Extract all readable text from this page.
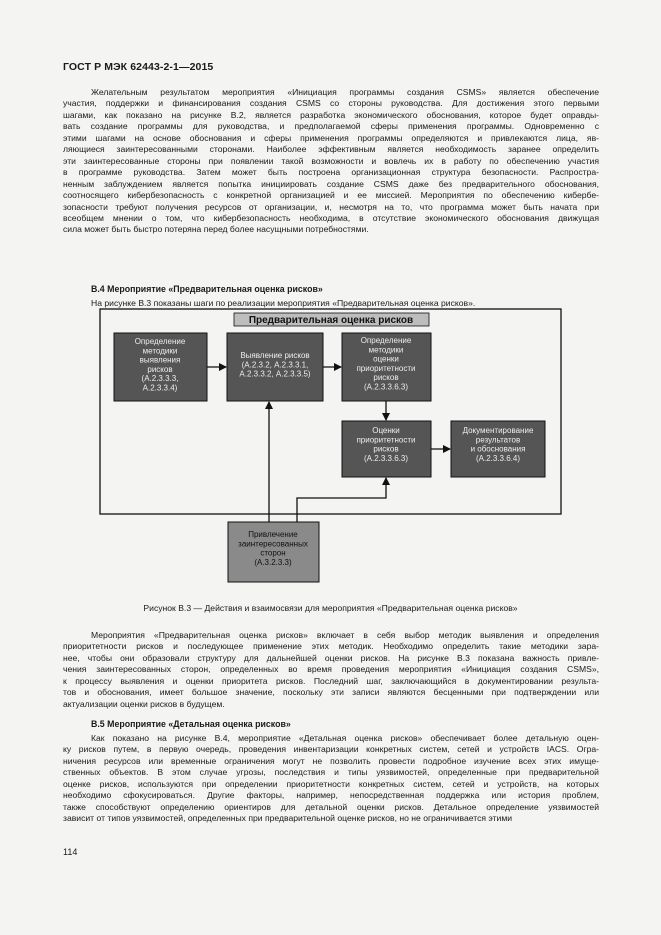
ГОСТ Р МЭК 62443-2-1—2015
Желательным результатом мероприятия «Инициация программы создания CSMS» является обеспечение
участия, поддержки и финансирования создания CSMS со стороны руководства. Для достижения этого первыми
шагами, как показано на рисунке В.2, является разработка экономического обоснования, которое будет оправды-
вать создание программы для руководства, и предполагаемой сферы применения программы. Одновременно с
этими шагами на основе обоснования и сферы применения программы определяются и привлекаются лица, яв-
ляющиеся заинтересованными сторонами. Наиболее эффективным является необходимость заранее определить
эти заинтересованные стороны при появлении такой возможности и вовлечь их в работу по обеспечению участия
в программе руководства. Затем может быть построена организационная структура безопасности. Распростра-
ненным заблуждением является попытка инициировать создание CSMS даже без предварительного обоснования,
соотносящего кибербезопасность с конкретной организацией и ее миссией. Мероприятия по обеспечению кибербе-
зопасности требуют получения ресурсов от организации, и, несмотря на то, что программа может быть начата при
всеобщем мнении о том, что кибербезопасность необходима, в отсутствие экономического обоснования движущая
сила может быть быстро потеряна перед более насущными потребностями.
В.4 Мероприятие «Предварительная оценка рисков»
На рисунке В.3 показаны шаги по реализации мероприятия «Предварительная оценка рисков».
Предварительная оценка рисков
Определение методики выявления рисков (А.2.3.3.3, А.2.3.3.4)
Выявление рисков (А.2.3.2, А.2.3.3.1, А.2.3.3.2, А.2.3.3.5)
Определение методики оценки приоритетности рисков (А.2.3.3.6.3)
Оценки приоритетности рисков (А.2.3.3.6.3)
Документирование результатов и обоснования (А.2.3.3.6.4)
Привлечение заинтересованных сторон (А.3.2.3.3)
Рисунок В.3 — Действия и взаимосвязи для мероприятия «Предварительная оценка рисков»
Мероприятия «Предварительная оценка рисков» включает в себя выбор методик выявления и определения
приоритетности рисков и последующее применение этих методик. Необходимо определить такие методики зара-
нее, чтобы они образовали структуру для дальнейшей оценки рисков. На рисунке В.3 показана важность привле-
чения заинтересованных сторон, определенных во время проведения мероприятия «Инициация создания CSMS»,
к процессу выявления и оценки приоритета рисков. Последний шаг, заключающийся в документировании результа-
тов и обоснования, имеет большое значение, поскольку эти записи являются бесценными при подтверждении или
актуализации оценки рисков в будущем.
В.5 Мероприятие «Детальная оценка рисков»
Как показано на рисунке В.4, мероприятие «Детальная оценка рисков» обеспечивает более детальную оцен-
ку рисков путем, в первую очередь, проведения инвентаризации конкретных систем, сетей и устройств IACS. Огра-
ничения ресурсов или временные ограничения могут не позволить провести подробное изучение всех этих имуще-
ственных объектов. В этом случае угрозы, последствия и типы уязвимостей, определенные при предварительной
оценке рисков, используются при определении приоритетности конкретных систем, сетей и устройств, на которых
необходимо сфокусироваться. Другие факторы, например, непосредственная поддержка или история проблем,
также способствуют определению ориентиров для детальной оценки рисков. Детальное определение уязвимостей
зависит от типов уязвимостей, определенных при предварительной оценке рисков, но не ограничивается этими
114
